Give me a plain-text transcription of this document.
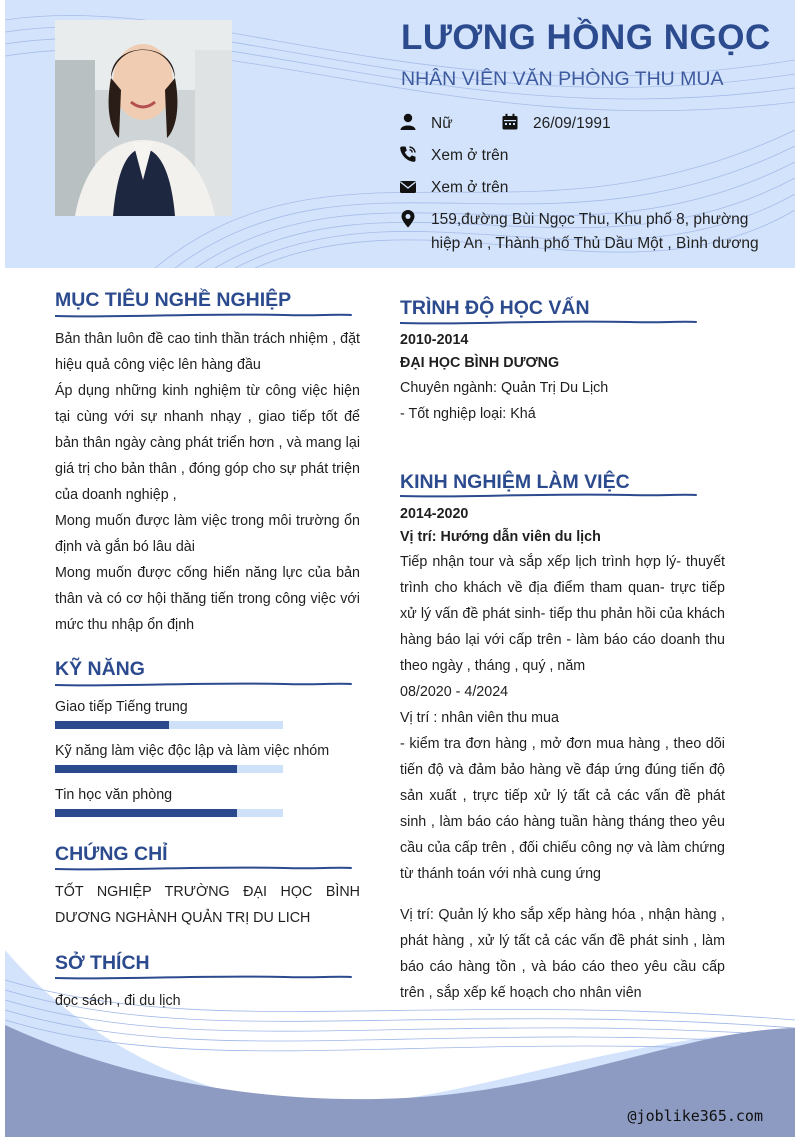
LƯƠNG HỒNG NGỌC
NHÂN VIÊN VĂN PHÒNG THU MUA
Nữ	26/09/1991
Xem ở trên
Xem ở trên
159,đường Bùi Ngọc Thu, Khu phố 8, phường hiệp An , Thành phố Thủ Dầu Một , Bình dương
@joblike365.com
MỤC TIÊU NGHỀ NGHIỆP

Bản thân luôn đề cao tinh thần trách nhiệm , đặt hiệu quả công việc lên hàng đầu

Áp dụng những kinh nghiệm từ công việc hiện tại cùng với sự nhanh nhạy , giao tiếp tốt để bản thân ngày càng phát triển hơn , và mang lại giá trị cho bản thân , đóng góp cho sự phát triện của doanh nghiệp ,

Mong muốn được làm việc trong môi trường ổn định và gắn bó lâu dài

Mong muốn được cống hiến năng lực của bản thân và có cơ hội thăng tiến trong công việc với mức thu nhập ổn định

KỸ NĂNG
Giao tiếp Tiếng trung
Kỹ năng làm việc độc lập và làm việc nhóm
Tin học văn phòng
CHỨNG CHỈ
TỐT NGHIỆP TRƯỜNG ĐẠI HỌC BÌNH DƯƠNG NGHÀNH QUẢN TRỊ DU LICH
SỞ THÍCH
đọc sách , đi du lịch
TRÌNH ĐỘ HỌC VẤN
2010-2014
ĐẠI HỌC BÌNH DƯƠNG
Chuyên ngành: Quản Trị Du Lịch
- Tốt nghiệp loại: Khá
KINH NGHIỆM LÀM VIỆC
2014-2020
Vị trí: Hướng dẫn viên du lịch
Tiếp nhận tour và sắp xếp lịch trình hợp lý- thuyết trình cho khách về địa điểm tham quan- trực tiếp xử lý vấn đề phát sinh- tiếp thu phản hồi của khách hàng báo lại với cấp trên - làm báo cáo doanh thu theo ngày , tháng , quý , năm
08/2020 - 4/2024
Vị trí : nhân viên thu mua
- kiểm tra đơn hàng , mở đơn mua hàng , theo dõi tiến độ và đảm bảo hàng về đáp ứng đúng tiến độ sản xuất , trực tiếp xử lý tất cả các vấn đề phát sinh , làm báo cáo hàng tuần hàng tháng theo yêu cầu của cấp trên , đối chiếu công nợ và làm chứng từ thánh toán với nhà cung ứng
Vị trí: Quản lý kho sắp xếp hàng hóa , nhận hàng , phát hàng , xử lý tất cả các vấn đề phát sinh , làm báo cáo hàng tồn , và báo cáo theo yêu cầu cấp trên , sắp xếp kế hoạch cho nhân viên
